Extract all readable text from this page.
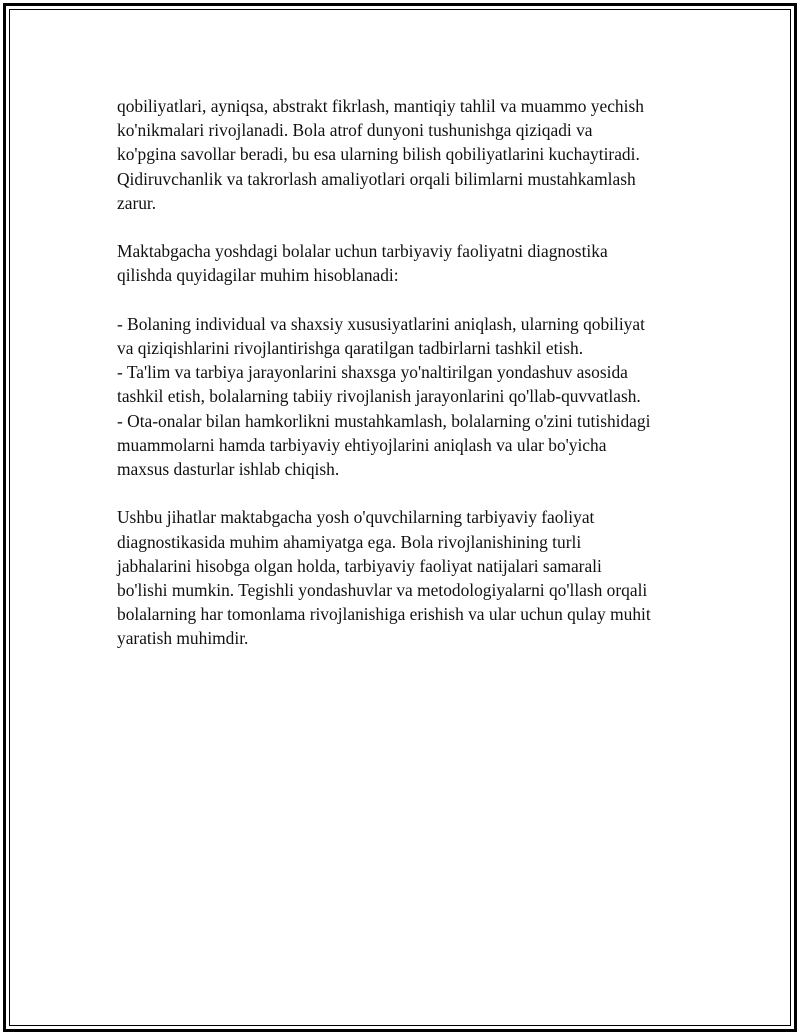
qobiliyatlari, ayniqsa, abstrakt fikrlash, mantiqiy tahlil va muammo yechish
ko'nikmalari rivojlanadi. Bola atrof dunyoni tushunishga qiziqadi va
ko'pgina savollar beradi, bu esa ularning bilish qobiliyatlarini kuchaytiradi.
Qidiruvchanlik va takrorlash amaliyotlari orqali bilimlarni mustahkamlash
zarur.

Maktabgacha yoshdagi bolalar uchun tarbiyaviy faoliyatni diagnostika
qilishda quyidagilar muhim hisoblanadi:

- Bolaning individual va shaxsiy xususiyatlarini aniqlash, ularning qobiliyat
va qiziqishlarini rivojlantirishga qaratilgan tadbirlarni tashkil etish.

- Ta'lim va tarbiya jarayonlarini shaxsga yo'naltirilgan yondashuv asosida
tashkil etish, bolalarning tabiiy rivojlanish jarayonlarini qo'llab-quvvatlash.

- Ota-onalar bilan hamkorlikni mustahkamlash, bolalarning o'zini tutishidagi
muammolarni hamda tarbiyaviy ehtiyojlarini aniqlash va ular bo'yicha
maxsus dasturlar ishlab chiqish.

Ushbu jihatlar maktabgacha yosh o'quvchilarning tarbiyaviy faoliyat
diagnostikasida muhim ahamiyatga ega. Bola rivojlanishining turli
jabhalarini hisobga olgan holda, tarbiyaviy faoliyat natijalari samarali
bo'lishi mumkin. Tegishli yondashuvlar va metodologiyalarni qo'llash orqali
bolalarning har tomonlama rivojlanishiga erishish va ular uchun qulay muhit
yaratish muhimdir.
